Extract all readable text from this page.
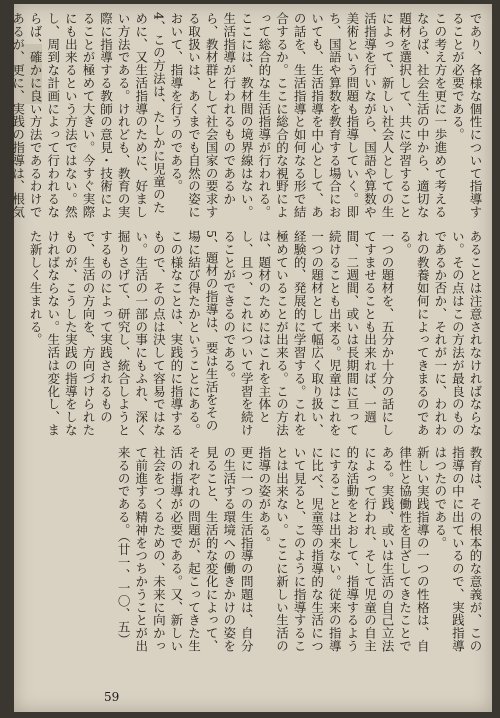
であり、各様な個性について指導することが必要である。
この考え方を更に一歩進めて考えるならば、社会生活の中から、適切な題材を選択して、共に学習することによって、新しい社会人としての生活指導を行いながら、国語や算数や美術という問題も指導していく。即ち、国語や算数を教育する場合においても、生活指導を中心として、あの話を、生活指導と如何なる形で結合するか。ここに総合的な視野によって総合的な生活指導が行われる。ここには、教材間の境界線はない。生活指導が行われるものであるから、教材群として社会国家の要求する取扱いは、あくまでも自然の姿において、指導を行うのである。
4、この方法は、たしかに児童のために、又生活指導のために、好ましい方法である。けれども、教育の実際に指導する教師の意見・技術によることが極めて大きい。今すぐ実際にも出来るという方法ではない。然し、周到な計画によって行われるならば、確かに良い方法であるわけであるが、更に、実践の指導は、根気
あることは注意されなければならない。その点はこの方法が最良のものであるか否か、それが一に、われわれの教養如何によってきまるのである。
一つの題材を、五分か十分の話にしてすませることも出来れば、一週間、二週間、或いは長期間に亘って続けることも出来る。児童はこれを一つの題材として幅広く取り扱い、経験的、発展的に学習する。これを極めていることが出来る。この方法は、題材のためにはこれを主体とし、且つ、これについて学習を続けることができるのである。
5、題材の指導は、要は生活をその場に結び得たかということにある。この様なことは、実践的に指導するもので、その点は決して容易ではない。生活の一部の事にもふれ、深く掘りさげて、研究し、統合しようとするものによって実践されるもので、生活の方向を、方向づけられたものが、こうした実践の指導をしなければならない。生活は変化し、また新しく生まれる。
教育は、その根本的な意義が、この指導の中に出ているので、実践指導はつたのである。
新しい実践指導の一つの性格は、自律性と協働性を目ざしてきたことである。実践、或いは生活の自己立法によって行われ、そして児童の自主的な活動をとおして、指導するようにすることは出来ない。従来の指導に比べ、児童等の指導的な生活について見ると、このように指導することは出来ない。ここに新しい生活の指導の姿がある。
更に一つの生活指導の問題は、自分の生活する環境への働きかけの姿を見ること、生活的な変化によって、それぞれの問題が、起こってきた生活の指導が必要である。又、新しい社会をつくるための、未来に向かって前進する精神をつちかうことが出来るのである。（廿一、一〇、五）
59
